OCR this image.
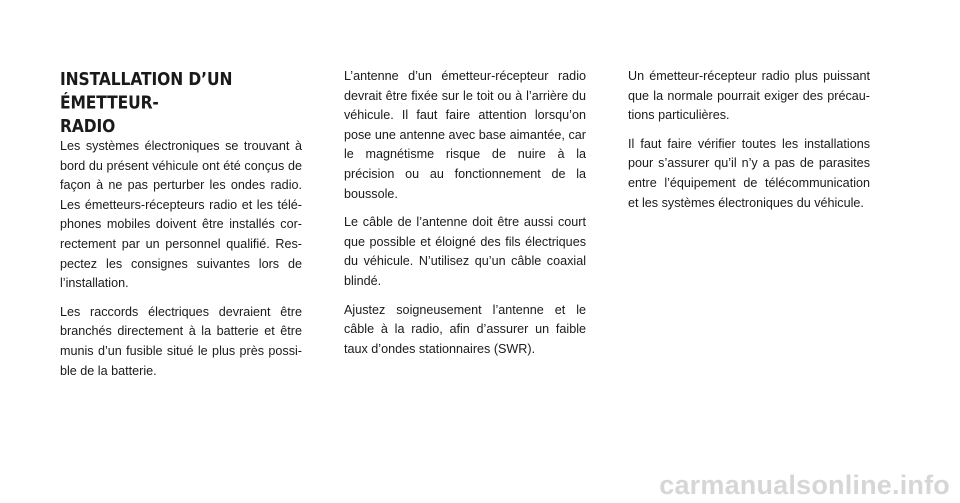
INSTALLATION D’UN ÉMETTEUR-
RADIO

Les systèmes électroniques se trouvant à bord du présent véhicule ont été conçus de façon à ne pas perturber les ondes radio. Les émetteurs-récepteurs radio et les télé-phones mobiles doivent être installés cor-rectement par un personnel qualifié. Res-pectez les consignes suivantes lors de l’installation.

Les raccords électriques devraient être branchés directement à la batterie et être munis d’un fusible situé le plus près possi-ble de la batterie.

L’antenne d’un émetteur-récepteur radio devrait être fixée sur le toit ou à l’arrière du véhicule. Il faut faire attention lorsqu’on pose une antenne avec base aimantée, car le magnétisme risque de nuire à la précision ou au fonctionnement de la boussole.

Le câble de l’antenne doit être aussi court que possible et éloigné des fils électriques du véhicule. N’utilisez qu’un câble coaxial blindé.

Ajustez soigneusement l’antenne et le câble à la radio, afin d’assurer un faible taux d’ondes stationnaires (SWR).

Un émetteur-récepteur radio plus puissant que la normale pourrait exiger des précau-tions particulières.

Il faut faire vérifier toutes les installations pour s’assurer qu’il n’y a pas de parasites entre l’équipement de télécommunication et les systèmes électroniques du véhicule.

carmanualsonline.info
